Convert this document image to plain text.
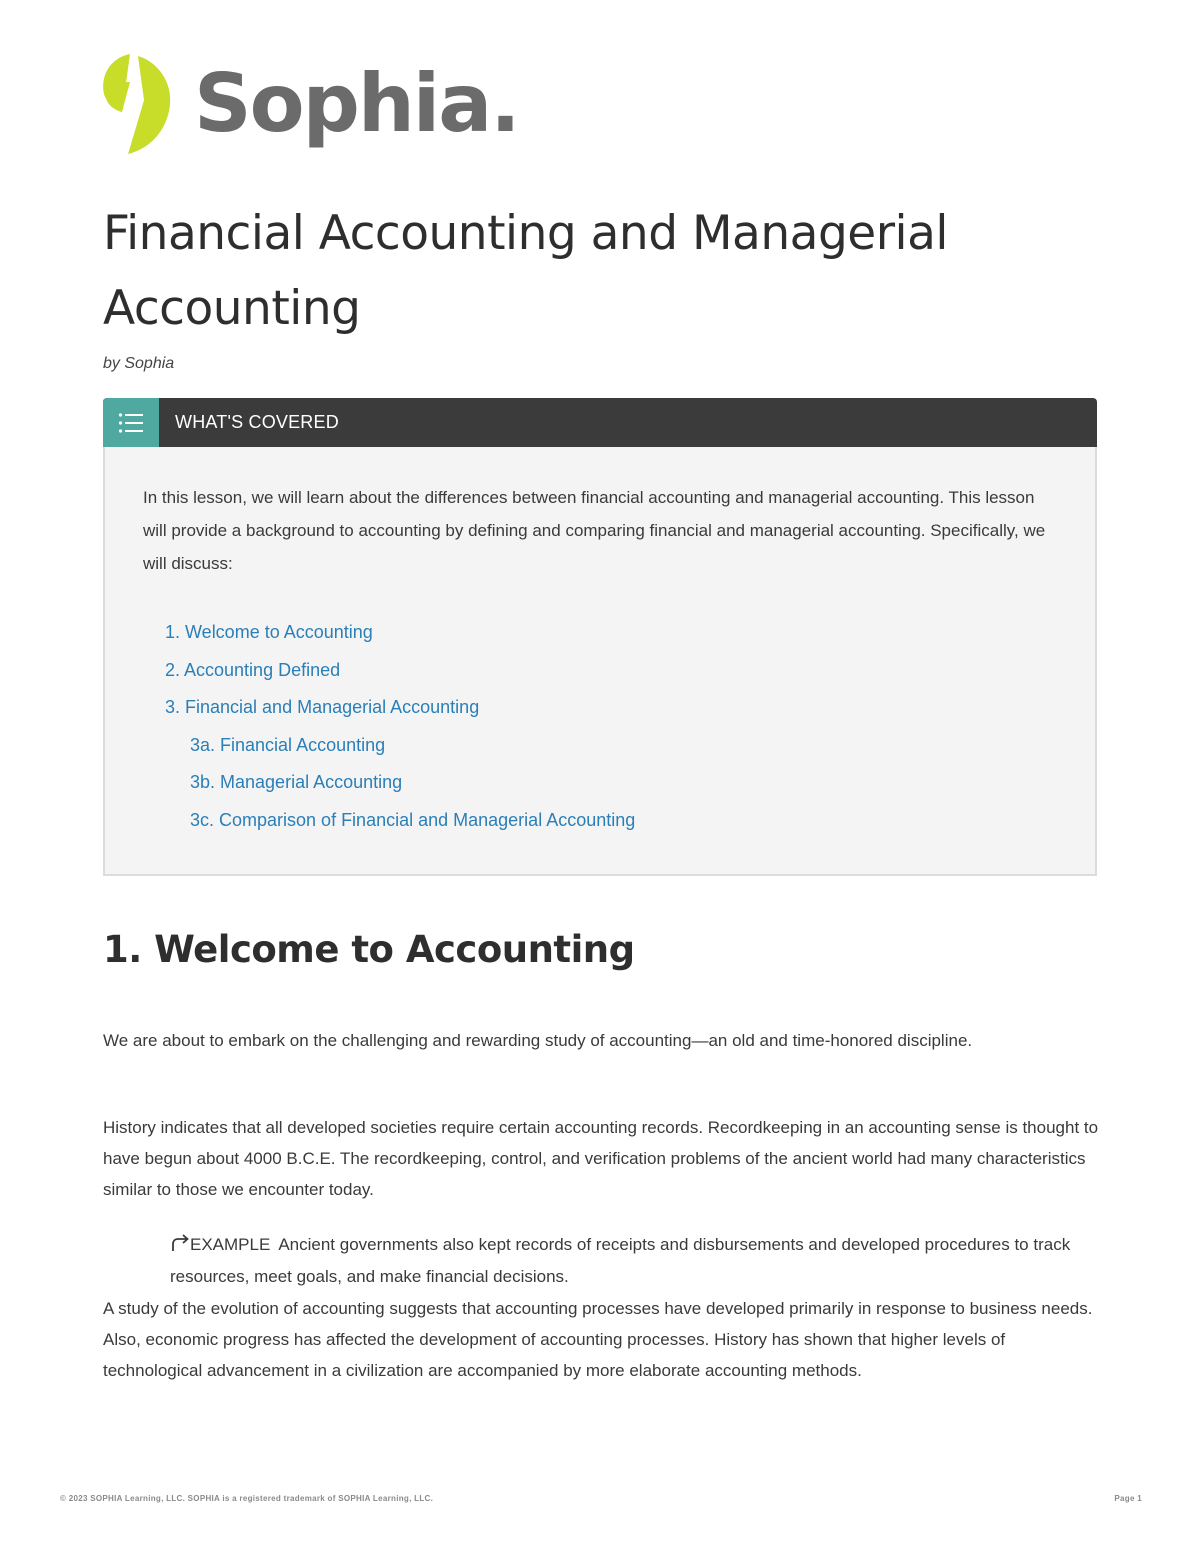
Sophia.
Financial Accounting and Managerial Accounting
by Sophia
WHAT'S COVERED

In this lesson, we will learn about the differences between financial accounting and managerial accounting. This lesson will provide a background to accounting by defining and comparing financial and managerial accounting. Specifically, we will discuss:

1. Welcome to Accounting
2. Accounting Defined
3. Financial and Managerial Accounting
3a. Financial Accounting
3b. Managerial Accounting
3c. Comparison of Financial and Managerial Accounting
1. Welcome to Accounting

We are about to embark on the challenging and rewarding study of accounting—an old and time-honored discipline.

History indicates that all developed societies require certain accounting records. Recordkeeping in an accounting sense is thought to have begun about 4000 B.C.E. The recordkeeping, control, and verification problems of the ancient world had many characteristics similar to those we encounter today.

EXAMPLE Ancient governments also kept records of receipts and disbursements and developed procedures to track resources, meet goals, and make financial decisions.

A study of the evolution of accounting suggests that accounting processes have developed primarily in response to business needs. Also, economic progress has affected the development of accounting processes. History has shown that higher levels of technological advancement in a civilization are accompanied by more elaborate accounting methods.

© 2023 SOPHIA Learning, LLC. SOPHIA is a registered trademark of SOPHIA Learning, LLC.	Page 1
